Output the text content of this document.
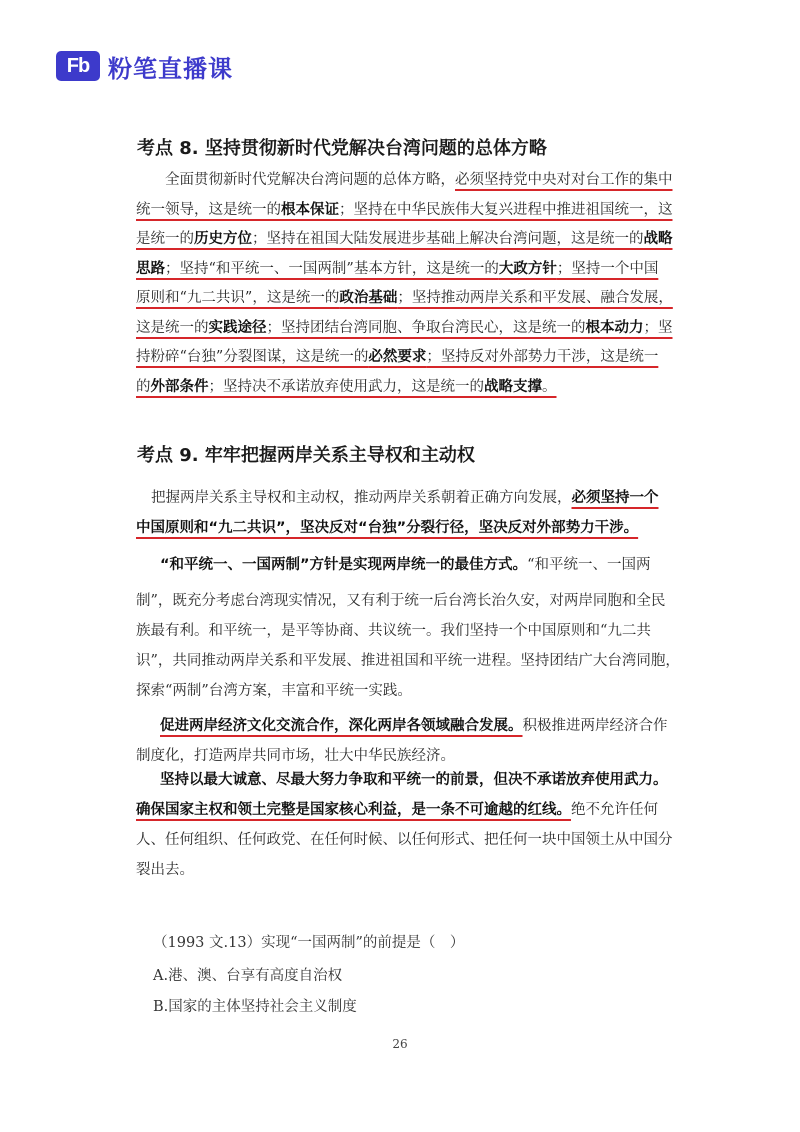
Fb 粉笔直播课
考点 8. 坚持贯彻新时代党解决台湾问题的总体方略
全面贯彻新时代党解决台湾问题的总体方略，必须坚持党中央对对台工作的集中
统一领导，这是统一的根本保证；坚持在中华民族伟大复兴进程中推进祖国统一，这
是统一的历史方位；坚持在祖国大陆发展进步基础上解决台湾问题，这是统一的战略
思路；坚持“和平统一、一国两制”基本方针，这是统一的大政方针；坚持一个中国
原则和“九二共识”，这是统一的政治基础；坚持推动两岸关系和平发展、融合发展，
这是统一的实践途径；坚持团结台湾同胞、争取台湾民心，这是统一的根本动力；坚
持粉碎“台独”分裂图谋，这是统一的必然要求；坚持反对外部势力干涉，这是统一
的外部条件；坚持决不承诺放弃使用武力，这是统一的战略支撑。
考点 9. 牢牢把握两岸关系主导权和主动权
把握两岸关系主导权和主动权，推动两岸关系朝着正确方向发展，必须坚持一个
中国原则和“九二共识”，坚决反对“台独”分裂行径，坚决反对外部势力干涉。
“和平统一、一国两制”方针是实现两岸统一的最佳方式。“和平统一、一国两
制”，既充分考虑台湾现实情况，又有利于统一后台湾长治久安，对两岸同胞和全民
族最有利。和平统一，是平等协商、共议统一。我们坚持一个中国原则和“九二共
识”，共同推动两岸关系和平发展、推进祖国和平统一进程。坚持团结广大台湾同胞，
探索“两制”台湾方案，丰富和平统一实践。
促进两岸经济文化交流合作，深化两岸各领域融合发展。积极推进两岸经济合作
制度化，打造两岸共同市场，壮大中华民族经济。
坚持以最大诚意、尽最大努力争取和平统一的前景，但决不承诺放弃使用武力。
确保国家主权和领土完整是国家核心利益，是一条不可逾越的红线。绝不允许任何
人、任何组织、任何政党、在任何时候、以任何形式、把任何一块中国领土从中国分
裂出去。
（1993 文.13）实现“一国两制”的前提是（　）
A.港、澳、台享有高度自治权
B.国家的主体坚持社会主义制度
26
